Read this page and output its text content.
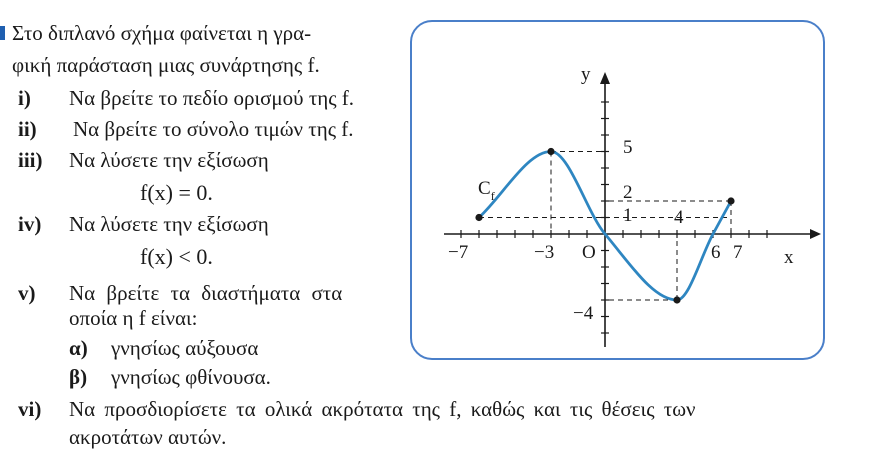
Στο διπλανό σχήμα φαίνεται η γρα-
φική παράσταση μιας συνάρτησης f.
i) Να βρείτε το πεδίο ορισμού της f.
ii) Να βρείτε το σύνολο τιμών της f.
iii) Να λύσετε την εξίσωση
f(x) = 0.
iv) Να λύσετε την εξίσωση
f(x) < 0.
v) Να βρείτε τα διαστήματα στα
οποία η f είναι:
α) γνησίως αύξουσα
β) γνησίως φθίνουσα.
vi) Να προσδιορίσετε τα ολικά ακρότατα της f, καθώς και τις θέσεις των
ακροτάτων αυτών.
y
x
O
$C_f$
−7	−3
4
6 7
5
2
1
−4
